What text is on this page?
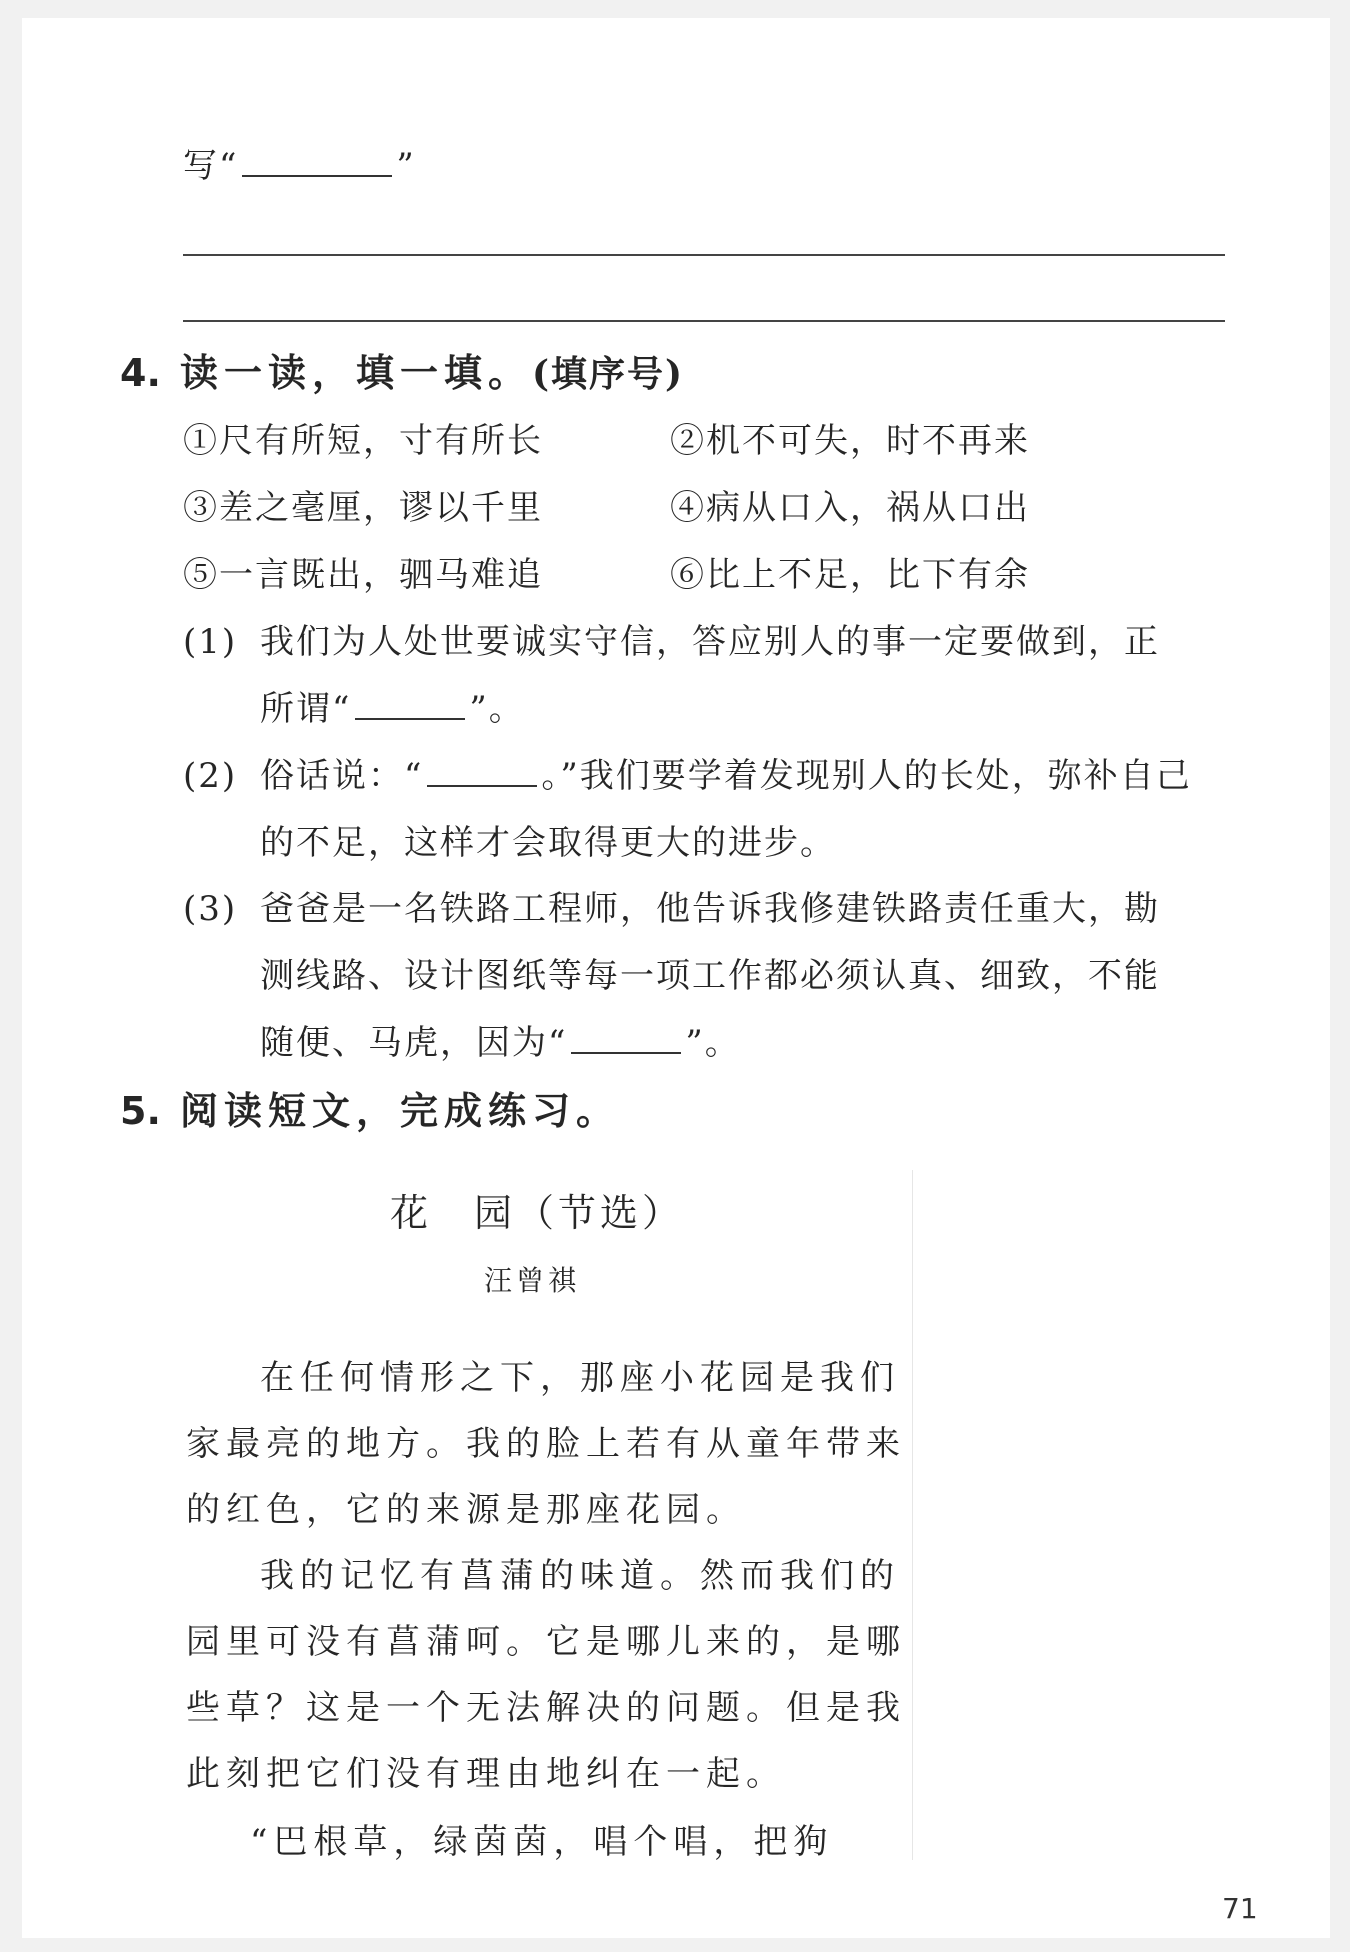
写“	”
4. 读一读，填一填。(填序号)
①尺有所短，寸有所长	②机不可失，时不再来
③差之毫厘，谬以千里	④病从口入，祸从口出
⑤一言既出，驷马难追	⑥比上不足，比下有余
(1) 我们为人处世要诚实守信，答应别人的事一定要做到，正
所谓“	”。
(2) 俗话说：“	。”我们要学着发现别人的长处，弥补自己
的不足，这样才会取得更大的进步。
(3) 爸爸是一名铁路工程师，他告诉我修建铁路责任重大，勘
测线路、设计图纸等每一项工作都必须认真、细致，不能
随便、马虎，因为“	”。
5. 阅读短文，完成练习。
花　园（节选）
汪曾祺
在任何情形之下，那座小花园是我们
家最亮的地方。我的脸上若有从童年带来
的红色，它的来源是那座花园。
我的记忆有菖蒲的味道。然而我们的
园里可没有菖蒲呵。它是哪儿来的，是哪
些草？这是一个无法解决的问题。但是我
此刻把它们没有理由地纠在一起。
“巴根草，绿茵茵，唱个唱，把狗
71
